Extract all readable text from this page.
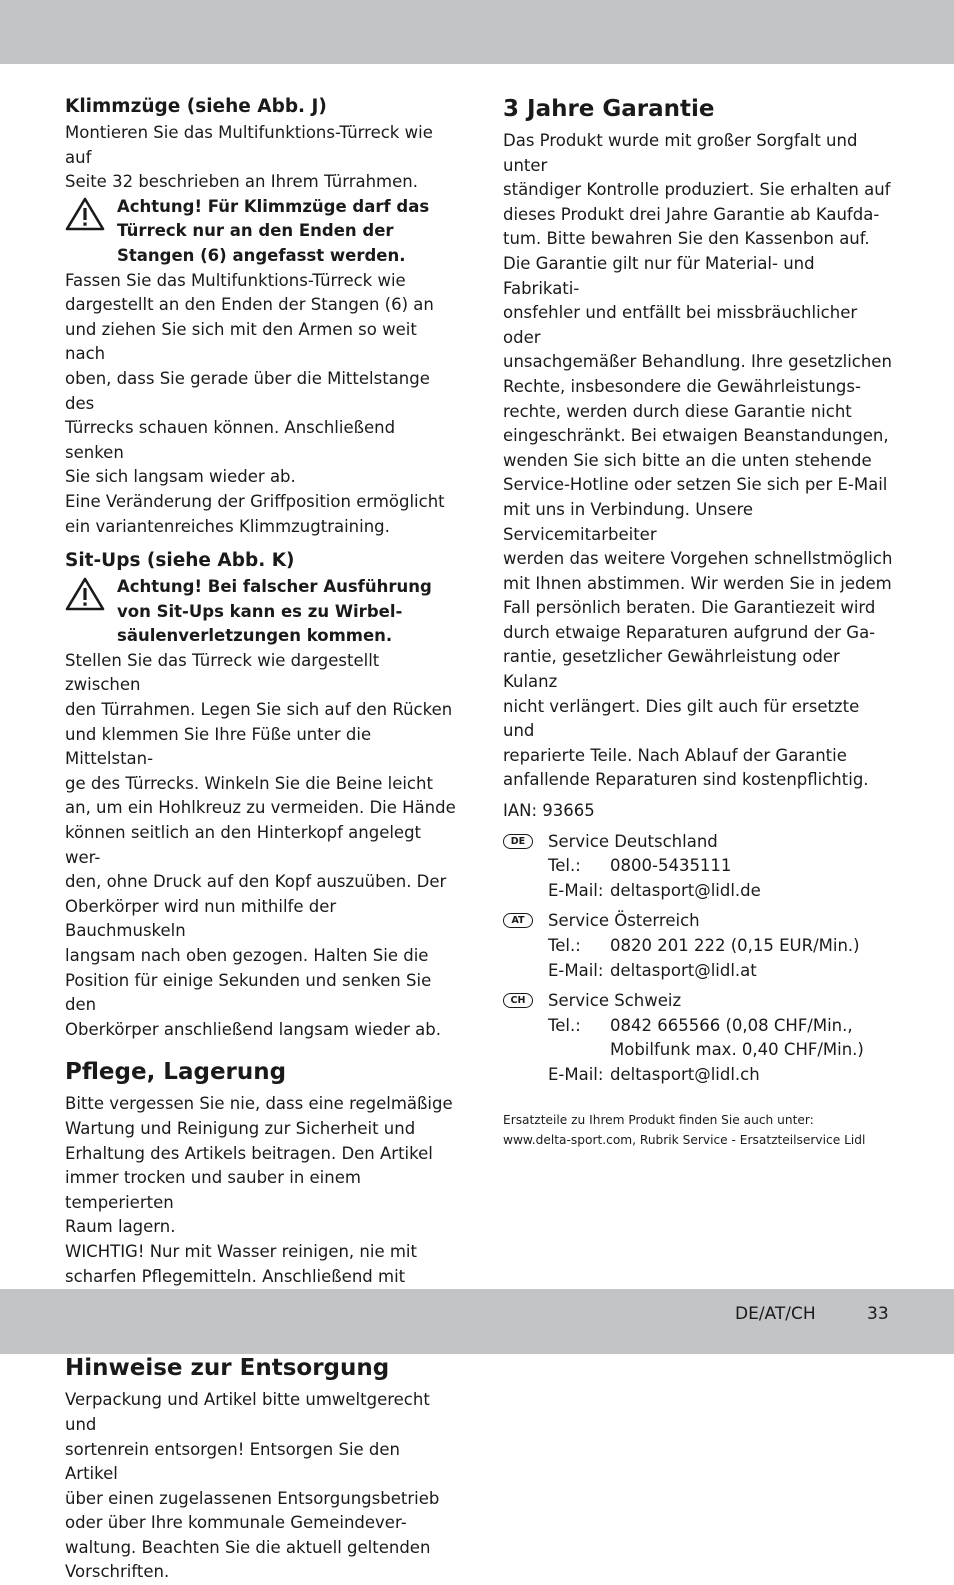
Klimmzüge (siehe Abb. J)

Montieren Sie das Multifunktions-Türreck wie auf
Seite 32 beschrieben an Ihrem Türrahmen.

Achtung! Für Klimmzüge darf das
Türreck nur an den Enden der
Stangen (6) angefasst werden.

Fassen Sie das Multifunktions-Türreck wie
dargestellt an den Enden der Stangen (6) an
und ziehen Sie sich mit den Armen so weit nach
oben, dass Sie gerade über die Mittelstange des
Türrecks schauen können. Anschließend senken
Sie sich langsam wieder ab.

Eine Veränderung der Griffposition ermöglicht
ein variantenreiches Klimmzugtraining.

Sit-Ups (siehe Abb. K)
Achtung! Bei falscher Ausführung
von Sit-Ups kann es zu Wirbel-
säulenverletzungen kommen.

Stellen Sie das Türreck wie dargestellt zwischen
den Türrahmen. Legen Sie sich auf den Rücken
und klemmen Sie Ihre Füße unter die Mittelstan-
ge des Türrecks. Winkeln Sie die Beine leicht
an, um ein Hohlkreuz zu vermeiden. Die Hände
können seitlich an den Hinterkopf angelegt wer-
den, ohne Druck auf den Kopf auszuüben. Der
Oberkörper wird nun mithilfe der Bauchmuskeln
langsam nach oben gezogen. Halten Sie die
Position für einige Sekunden und senken Sie den
Oberkörper anschließend langsam wieder ab.

Pflege, Lagerung

Bitte vergessen Sie nie, dass eine regelmäßige
Wartung und Reinigung zur Sicherheit und
Erhaltung des Artikels beitragen. Den Artikel
immer trocken und sauber in einem temperierten
Raum lagern.

WICHTIG! Nur mit Wasser reinigen, nie mit
scharfen Pflegemitteln. Anschließend mit

Hinweise zur Entsorgung

Verpackung und Artikel bitte umweltgerecht und
sortenrein entsorgen! Entsorgen Sie den Artikel
über einen zugelassenen Entsorgungsbetrieb
oder über Ihre kommunale Gemeindever-
waltung. Beachten Sie die aktuell geltenden
Vorschriften.

3 Jahre Garantie

Das Produkt wurde mit großer Sorgfalt und unter
ständiger Kontrolle produziert. Sie erhalten auf
dieses Produkt drei Jahre Garantie ab Kaufda-
tum. Bitte bewahren Sie den Kassenbon auf.

Die Garantie gilt nur für Material- und Fabrikati-
onsfehler und entfällt bei missbräuchlicher oder
unsachgemäßer Behandlung. Ihre gesetzlichen
Rechte, insbesondere die Gewährleistungs-
rechte, werden durch diese Garantie nicht
eingeschränkt. Bei etwaigen Beanstandungen,
wenden Sie sich bitte an die unten stehende
Service-Hotline oder setzen Sie sich per E-Mail
mit uns in Verbindung. Unsere Servicemitarbeiter
werden das weitere Vorgehen schnellstmöglich
mit Ihnen abstimmen. Wir werden Sie in jedem
Fall persönlich beraten. Die Garantiezeit wird
durch etwaige Reparaturen aufgrund der Ga-
rantie, gesetzlicher Gewährleistung oder Kulanz
nicht verlängert. Dies gilt auch für ersetzte und
reparierte Teile. Nach Ablauf der Garantie
anfallende Reparaturen sind kostenpflichtig.

IAN: 93665

DE	Service Deutschland
Tel.:	0800-5435111
E-Mail: deltasport@lidl.de
AT	Service Österreich
Tel.:	0820 201 222 (0,15 EUR/Min.)
E-Mail: deltasport@lidl.at
CH	Service Schweiz
Tel.:	0842 665566 (0,08 CHF/Min.,
Mobilfunk max. 0,40 CHF/Min.)
E-Mail: deltasport@lidl.ch

Ersatzteile zu Ihrem Produkt finden Sie auch unter:
www.delta-sport.com, Rubrik Service - Ersatzteilservice Lidl

DE/AT/CH	33
